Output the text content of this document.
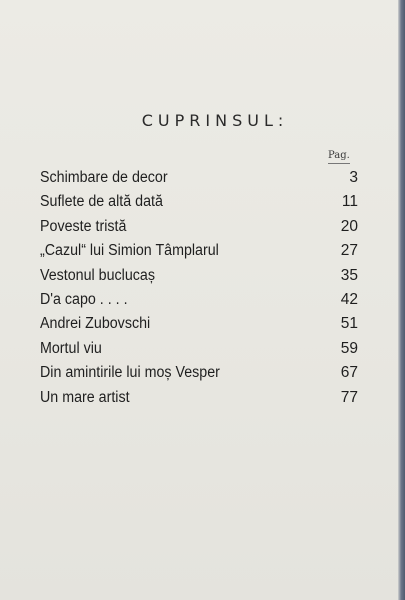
CUPRINSUL:
Pag.
Schimbare de decor	3
Suflete de altă dată	11
Poveste tristă	20
„Cazul“ lui Simion Tâmplarul	27
Vestonul buclucaș	35
D'a capo . . . .	42
Andrei Zubovschi	51
Mortul viu	59
Din amintirile lui moș Vesper	67
Un mare artist	77
